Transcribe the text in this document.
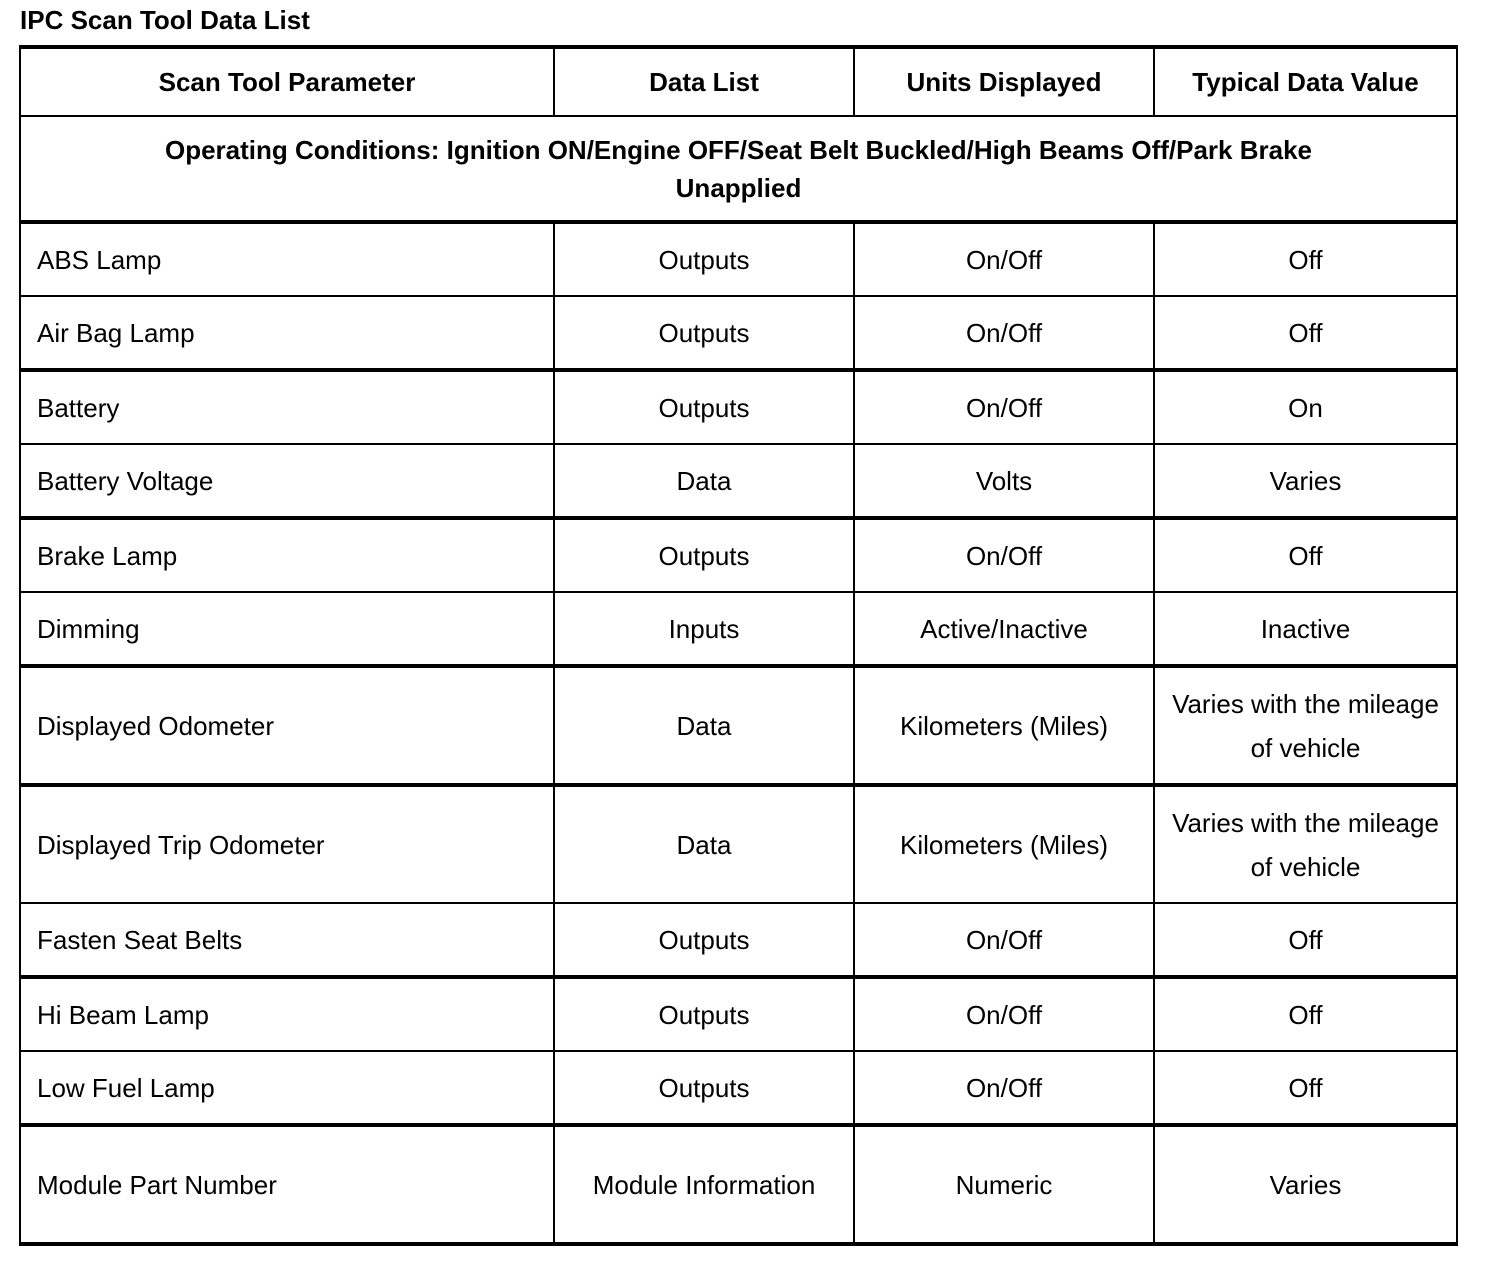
IPC Scan Tool Data List
Scan Tool Parameter	Data List	Units Displayed	Typical Data Value
Operating Conditions: Ignition ON/Engine OFF/Seat Belt Buckled/High Beams Off/Park Brake Unapplied			
ABS Lamp	Outputs	On/Off	Off
Air Bag Lamp	Outputs	On/Off	Off
Battery	Outputs	On/Off	On
Battery Voltage	Data	Volts	Varies
Brake Lamp	Outputs	On/Off	Off
Dimming	Inputs	Active/Inactive	Inactive
Displayed Odometer	Data	Kilometers (Miles)	Varies with the mileage of vehicle
Displayed Trip Odometer	Data	Kilometers (Miles)	Varies with the mileage of vehicle
Fasten Seat Belts	Outputs	On/Off	Off
Hi Beam Lamp	Outputs	On/Off	Off
Low Fuel Lamp	Outputs	On/Off	Off
Module Part Number	Module Information	Numeric	Varies
